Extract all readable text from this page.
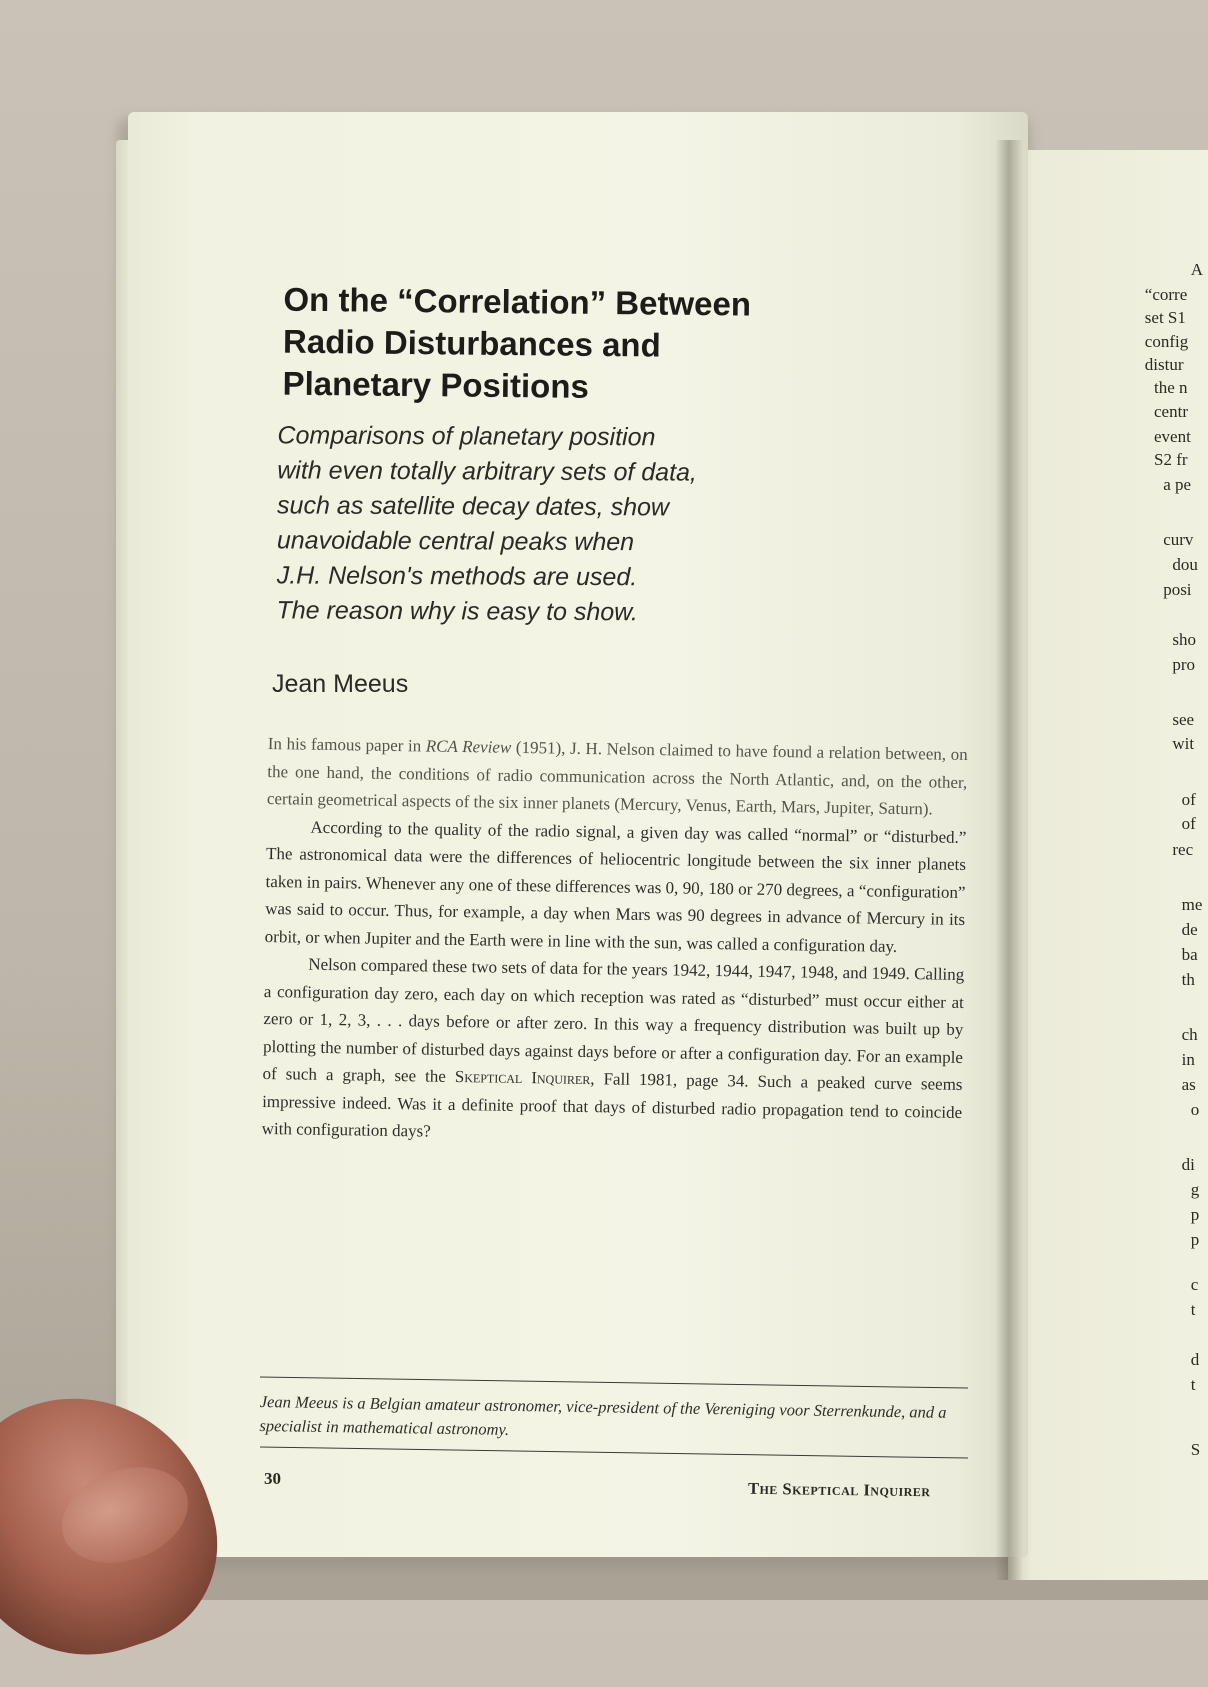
A
“corre
set S1
config
distur
the n
centr
event
S2 fr
a pe
curv
dou
posi
sho
pro
see
wit
of
of
rec
me
de
ba
th
ch
in
as
o
di
g
p
p
c
t
d
t
S
On the “Correlation” Between
Radio Disturbances and
Planetary Positions
Comparisons of planetary position
with even totally arbitrary sets of data,
such as satellite decay dates, show
unavoidable central peaks when
J.H. Nelson's methods are used.
The reason why is easy to show.
Jean Meeus

In his famous paper in RCA Review (1951), J. H. Nelson claimed to have found a relation between, on the one hand, the conditions of radio communication across the North Atlantic, and, on the other, certain geometrical aspects of the six inner planets (Mercury, Venus, Earth, Mars, Jupiter, Saturn).

According to the quality of the radio signal, a given day was called “normal” or “disturbed.” The astronomical data were the differences of heliocentric longitude between the six inner planets taken in pairs. Whenever any one of these differences was 0, 90, 180 or 270 degrees, a “configuration” was said to occur. Thus, for example, a day when Mars was 90 degrees in advance of Mercury in its orbit, or when Jupiter and the Earth were in line with the sun, was called a configuration day.

Nelson compared these two sets of data for the years 1942, 1944, 1947, 1948, and 1949. Calling a configuration day zero, each day on which reception was rated as “disturbed” must occur either at zero or 1, 2, 3, . . . days before or after zero. In this way a frequency distribution was built up by plotting the number of disturbed days against days before or after a configuration day. For an example of such a graph, see the Skeptical Inquirer, Fall 1981, page 34. Such a peaked curve seems impressive indeed. Was it a definite proof that days of disturbed radio propagation tend to coincide with configuration days?

Jean Meeus is a Belgian amateur astronomer, vice-president of the Vereniging voor Sterrenkunde, and a specialist in mathematical astronomy.
30
The Skeptical Inquirer
